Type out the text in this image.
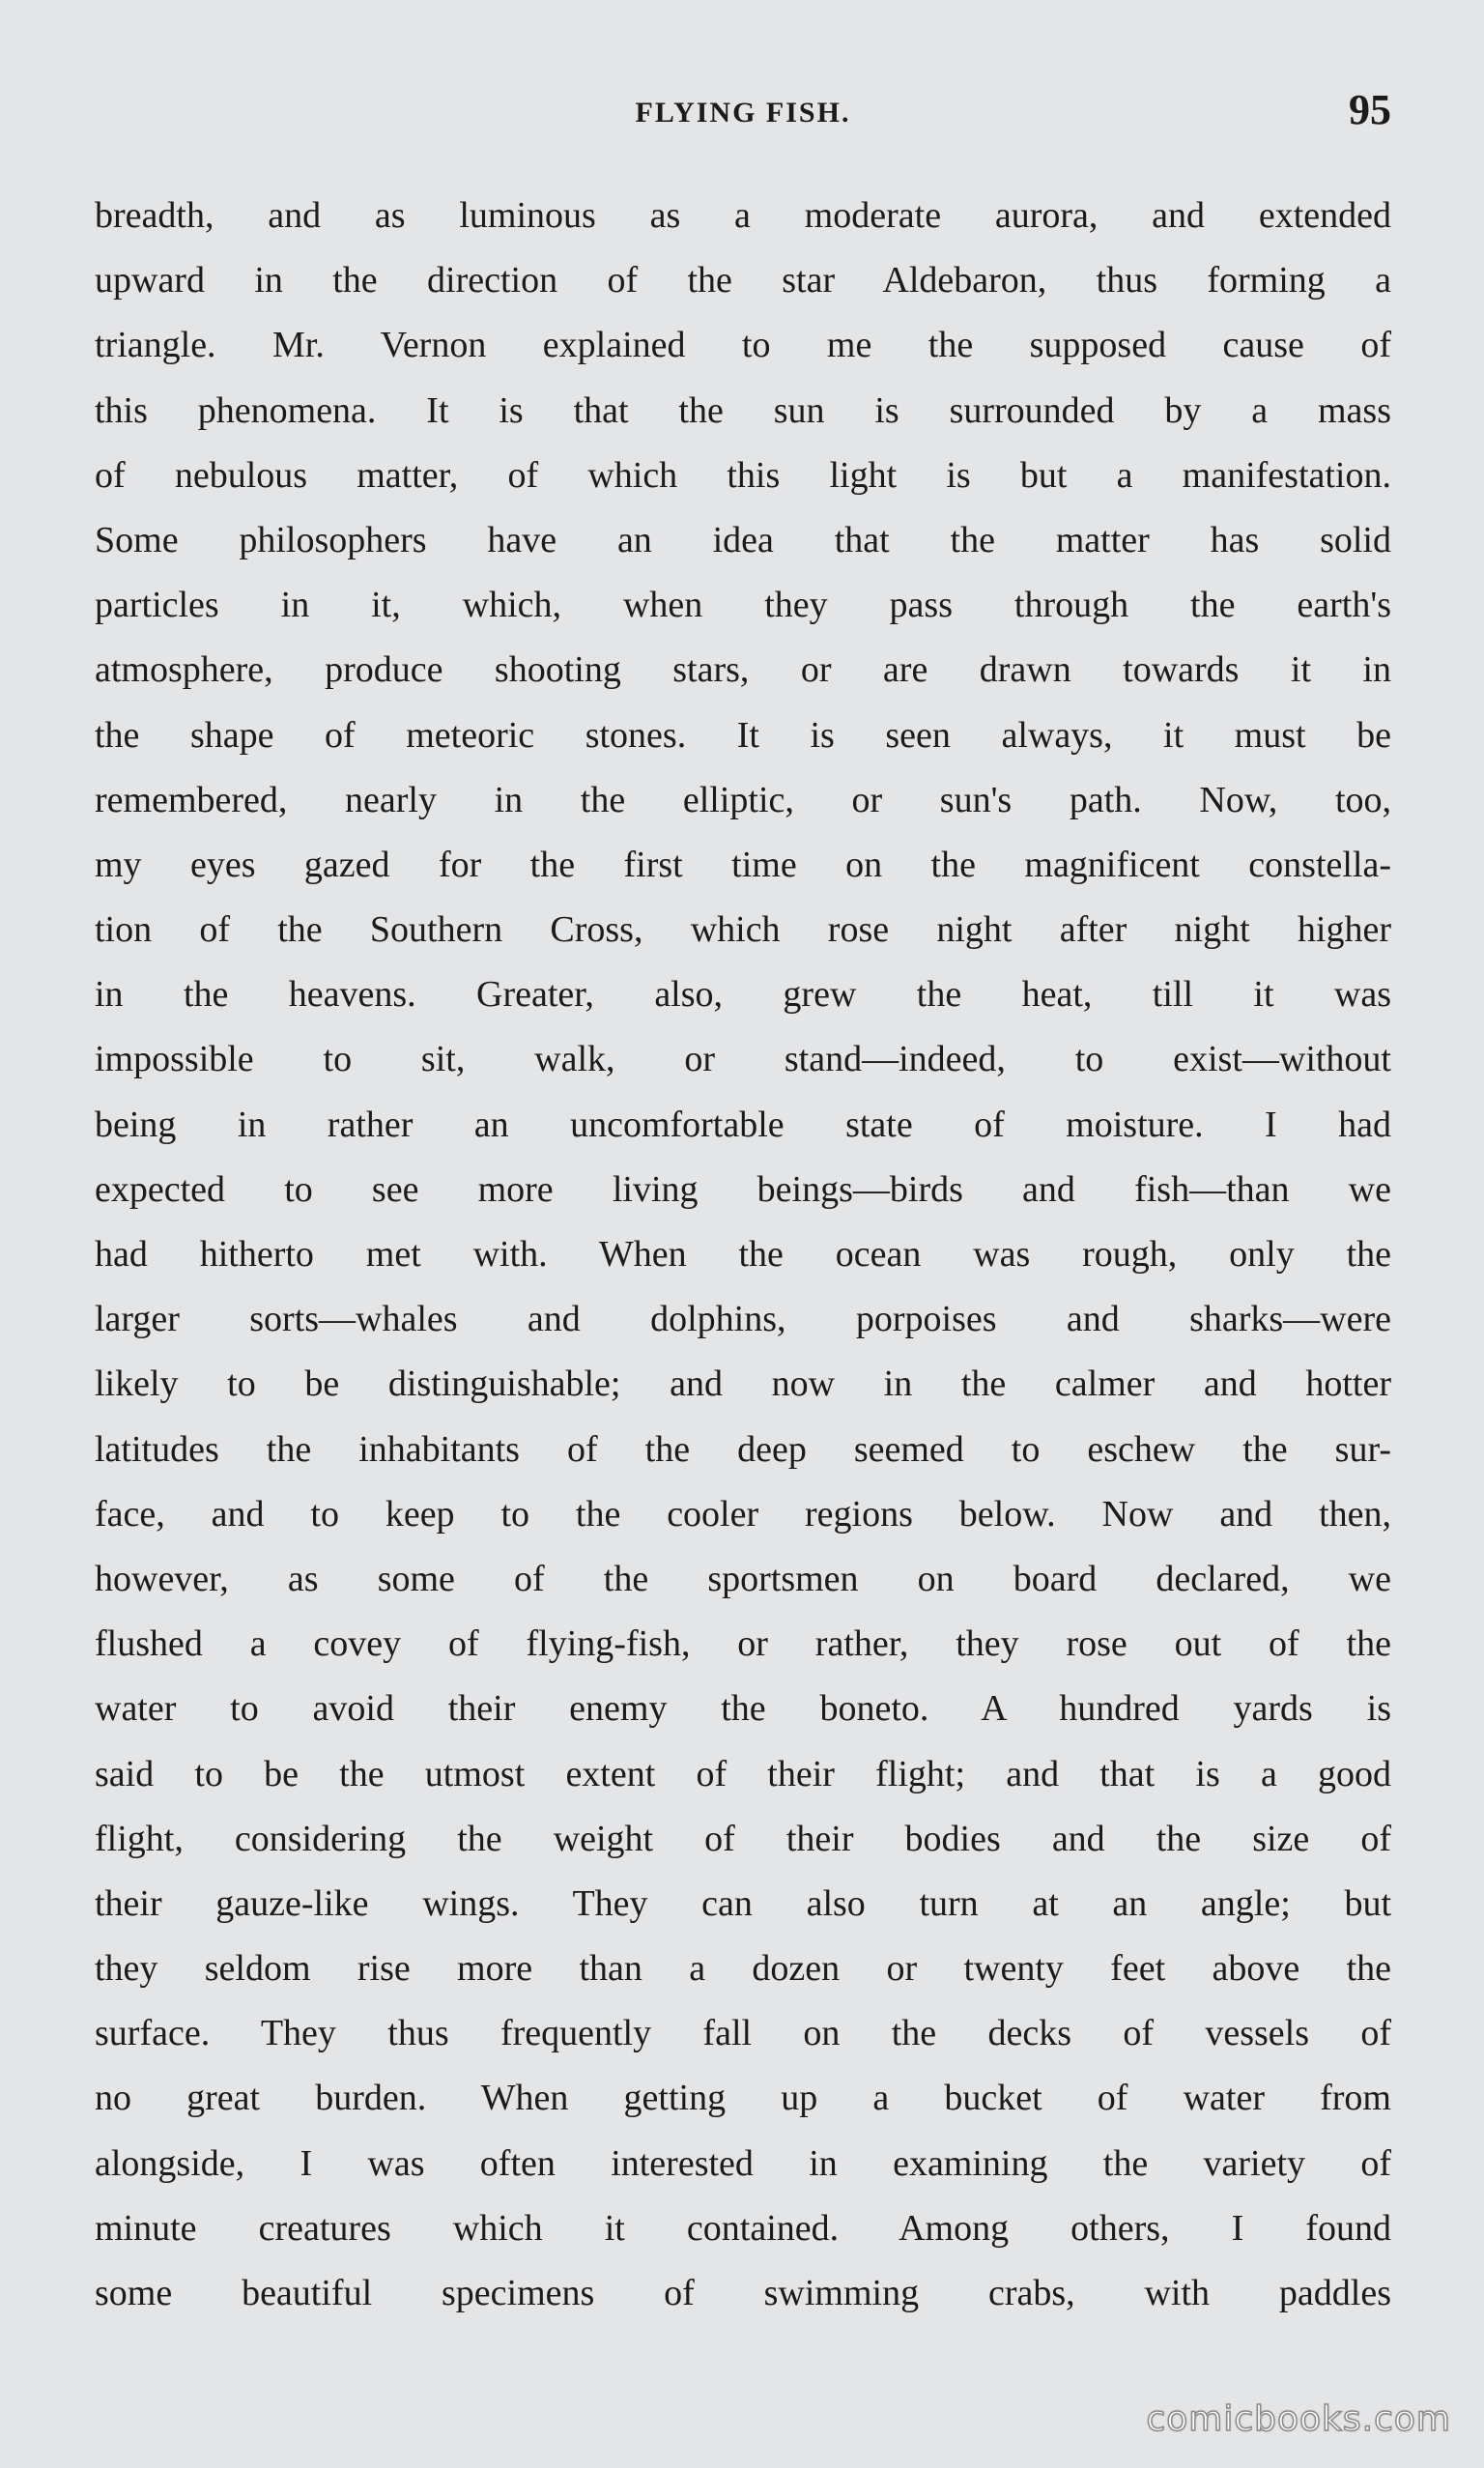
FLYING FISH.	95
breadth, and as luminous as a moderate aurora, and extended
upward in the direction of the star Aldebaron, thus forming a
triangle. Mr. Vernon explained to me the supposed cause of
this phenomena. It is that the sun is surrounded by a mass
of nebulous matter, of which this light is but a manifestation.
Some philosophers have an idea that the matter has solid
particles in it, which, when they pass through the earth's
atmosphere, produce shooting stars, or are drawn towards it in
the shape of meteoric stones. It is seen always, it must be
remembered, nearly in the elliptic, or sun's path. Now, too,
my eyes gazed for the first time on the magnificent constella-
tion of the Southern Cross, which rose night after night higher
in the heavens. Greater, also, grew the heat, till it was
impossible to sit, walk, or stand—indeed, to exist—without
being in rather an uncomfortable state of moisture. I had
expected to see more living beings—birds and fish—than we
had hitherto met with. When the ocean was rough, only the
larger sorts—whales and dolphins, porpoises and sharks—were
likely to be distinguishable; and now in the calmer and hotter
latitudes the inhabitants of the deep seemed to eschew the sur-
face, and to keep to the cooler regions below. Now and then,
however, as some of the sportsmen on board declared, we
flushed a covey of flying-fish, or rather, they rose out of the
water to avoid their enemy the boneto. A hundred yards is
said to be the utmost extent of their flight; and that is a good
flight, considering the weight of their bodies and the size of
their gauze-like wings. They can also turn at an angle; but
they seldom rise more than a dozen or twenty feet above the
surface. They thus frequently fall on the decks of vessels of
no great burden. When getting up a bucket of water from
alongside, I was often interested in examining the variety of
minute creatures which it contained. Among others, I found
some beautiful specimens of swimming crabs, with paddles
comicbooks.com
